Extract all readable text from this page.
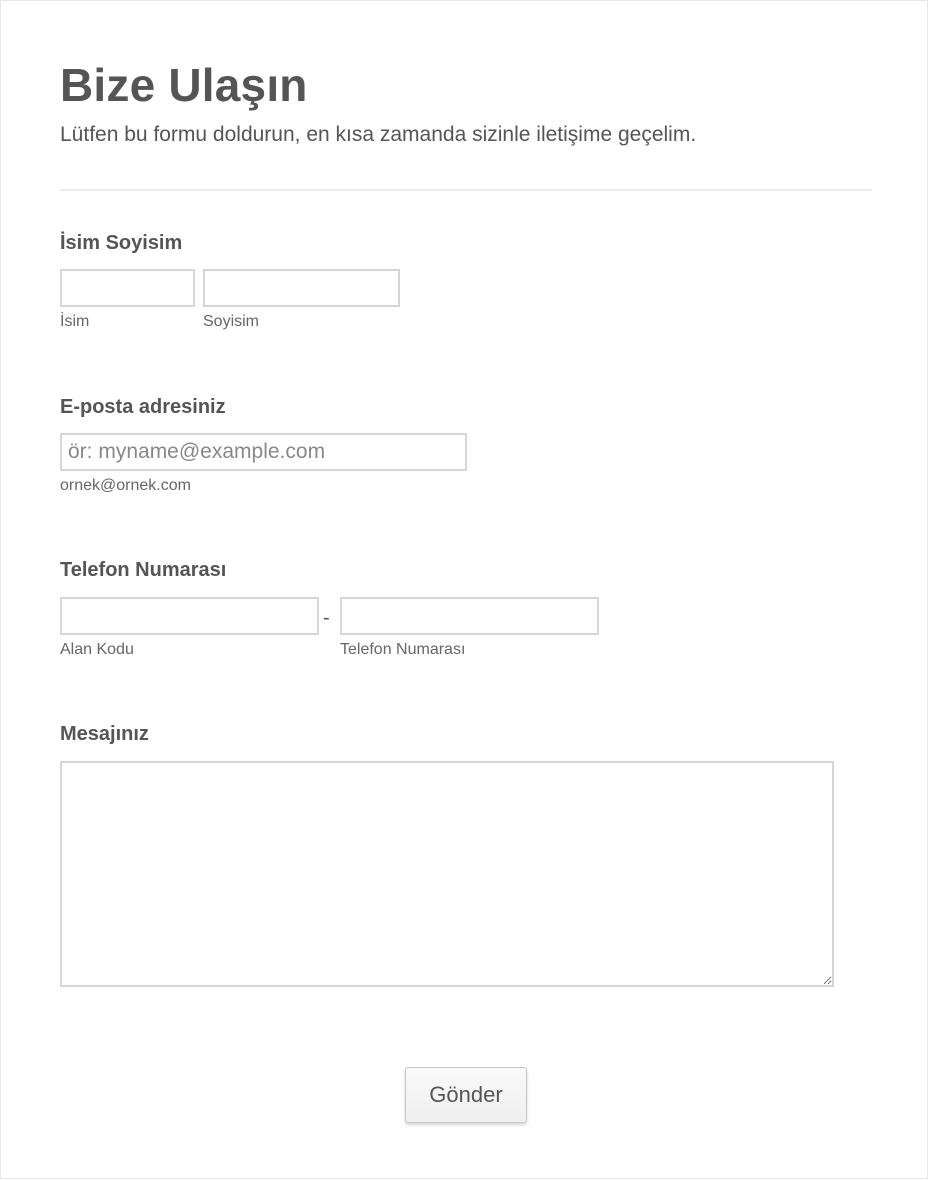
Bize Ulaşın
Lütfen bu formu doldurun, en kısa zamanda sizinle iletişime geçelim.
İsim Soyisim
İsim	Soyisim
E-posta adresiniz
ör: myname@example.com
ornek@ornek.com
Telefon Numarası
-
Alan Kodu	Telefon Numarası
Mesajınız
Gönder
